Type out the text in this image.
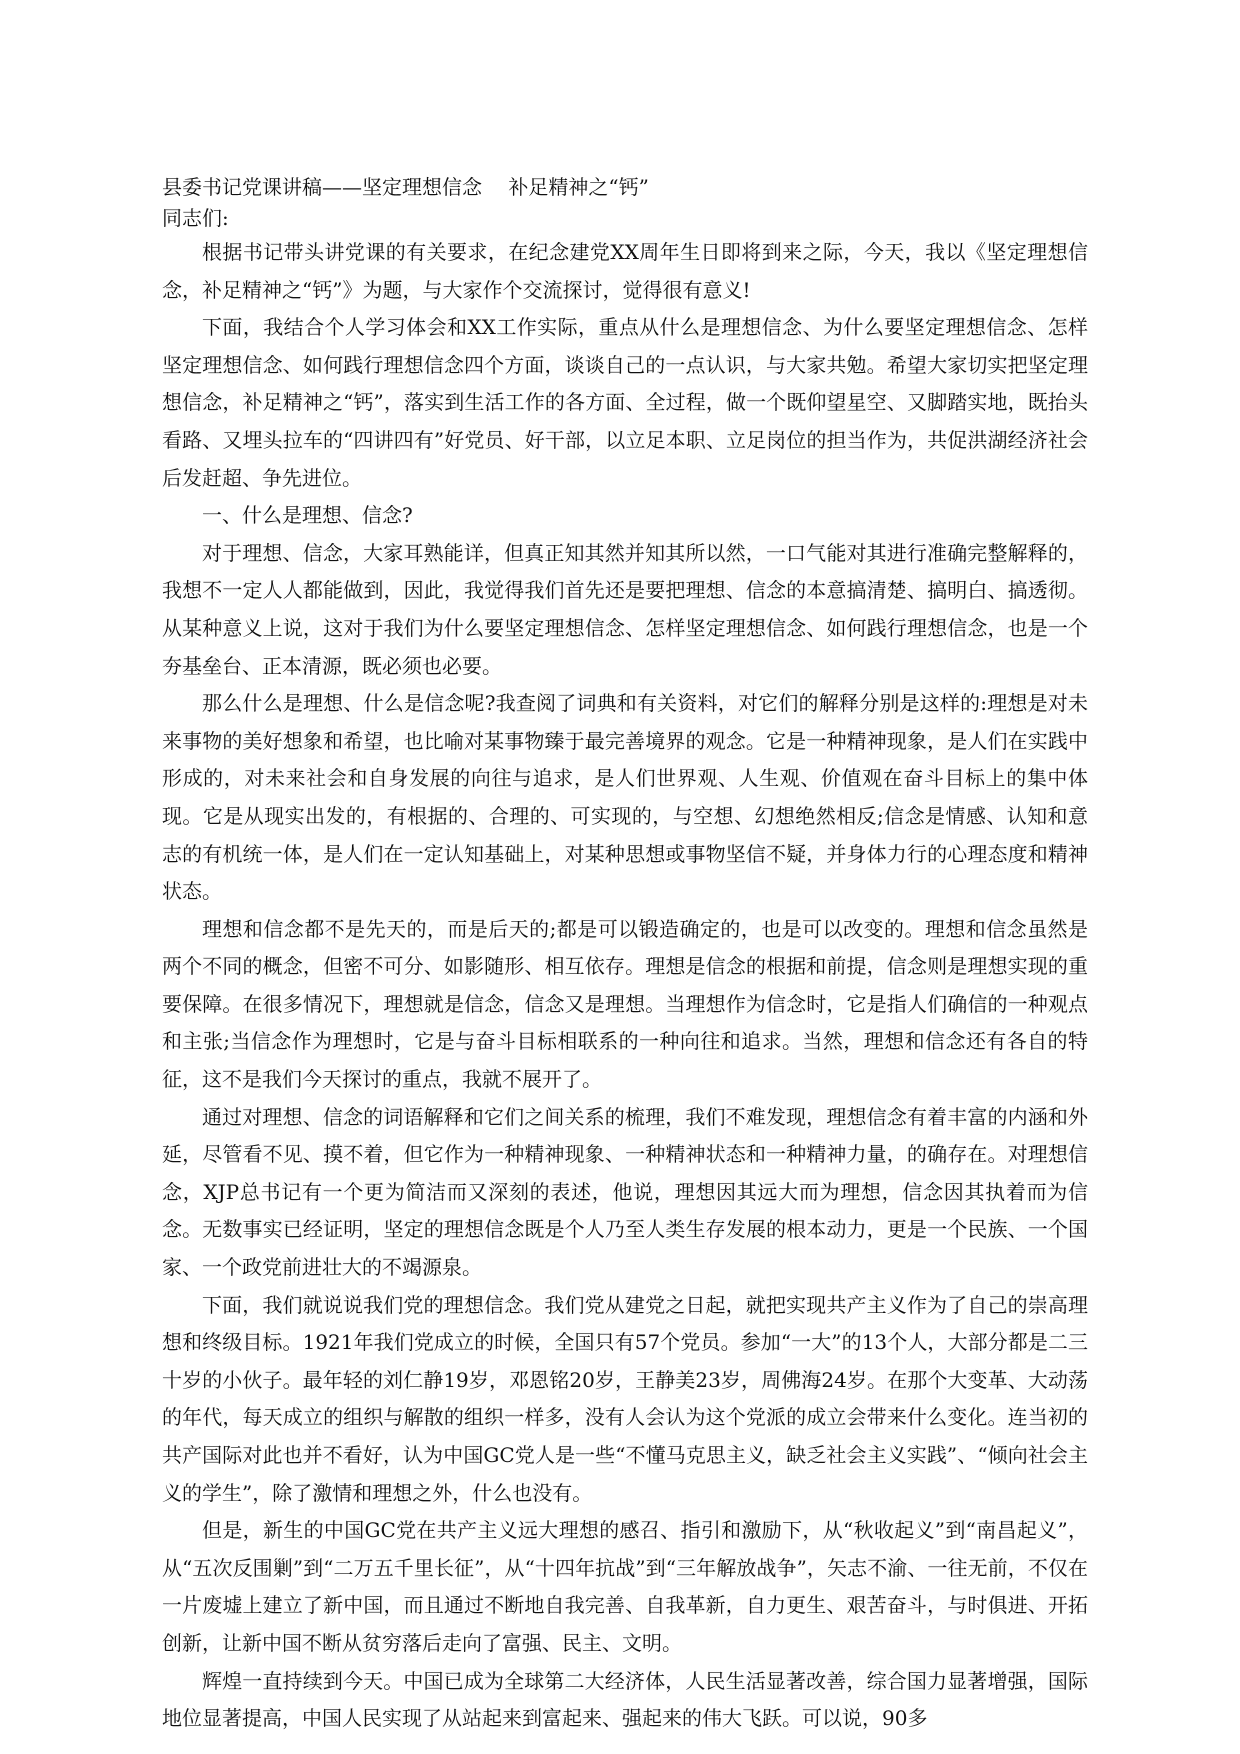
县委书记党课讲稿——坚定理想信念　 补足精神之“钙”

同志们:

根据书记带头讲党课的有关要求，在纪念建党XX周年生日即将到来之际，今天，我以《坚定理想信念，补足精神之“钙”》为题，与大家作个交流探讨，觉得很有意义!

下面，我结合个人学习体会和XX工作实际，重点从什么是理想信念、为什么要坚定理想信念、怎样坚定理想信念、如何践行理想信念四个方面，谈谈自己的一点认识，与大家共勉。希望大家切实把坚定理想信念，补足精神之“钙”，落实到生活工作的各方面、全过程，做一个既仰望星空、又脚踏实地，既抬头看路、又埋头拉车的“四讲四有”好党员、好干部，以立足本职、立足岗位的担当作为，共促洪湖经济社会后发赶超、争先进位。

一、什么是理想、信念?

对于理想、信念，大家耳熟能详，但真正知其然并知其所以然，一口气能对其进行准确完整解释的，我想不一定人人都能做到，因此，我觉得我们首先还是要把理想、信念的本意搞清楚、搞明白、搞透彻。从某种意义上说，这对于我们为什么要坚定理想信念、怎样坚定理想信念、如何践行理想信念，也是一个夯基垒台、正本清源，既必须也必要。

那么什么是理想、什么是信念呢?我查阅了词典和有关资料，对它们的解释分别是这样的:理想是对未来事物的美好想象和希望，也比喻对某事物臻于最完善境界的观念。它是一种精神现象，是人们在实践中形成的，对未来社会和自身发展的向往与追求，是人们世界观、人生观、价值观在奋斗目标上的集中体现。它是从现实出发的，有根据的、合理的、可实现的，与空想、幻想绝然相反;信念是情感、认知和意志的有机统一体，是人们在一定认知基础上，对某种思想或事物坚信不疑，并身体力行的心理态度和精神状态。

理想和信念都不是先天的，而是后天的;都是可以锻造确定的，也是可以改变的。理想和信念虽然是两个不同的概念，但密不可分、如影随形、相互依存。理想是信念的根据和前提，信念则是理想实现的重要保障。在很多情况下，理想就是信念，信念又是理想。当理想作为信念时，它是指人们确信的一种观点和主张;当信念作为理想时，它是与奋斗目标相联系的一种向往和追求。当然，理想和信念还有各自的特征，这不是我们今天探讨的重点，我就不展开了。

通过对理想、信念的词语解释和它们之间关系的梳理，我们不难发现，理想信念有着丰富的内涵和外延，尽管看不见、摸不着，但它作为一种精神现象、一种精神状态和一种精神力量，的确存在。对理想信念，XJP总书记有一个更为简洁而又深刻的表述，他说，理想因其远大而为理想，信念因其执着而为信念。无数事实已经证明，坚定的理想信念既是个人乃至人类生存发展的根本动力，更是一个民族、一个国家、一个政党前进壮大的不竭源泉。

下面，我们就说说我们党的理想信念。我们党从建党之日起，就把实现共产主义作为了自己的崇高理想和终级目标。1921年我们党成立的时候，全国只有57个党员。参加“一大”的13个人，大部分都是二三十岁的小伙子。最年轻的刘仁静19岁，邓恩铭20岁，王静美23岁，周佛海24岁。在那个大变革、大动荡的年代，每天成立的组织与解散的组织一样多，没有人会认为这个党派的成立会带来什么变化。连当初的共产国际对此也并不看好，认为中国GC党人是一些“不懂马克思主义，缺乏社会主义实践”、“倾向社会主义的学生”，除了激情和理想之外，什么也没有。

但是，新生的中国GC党在共产主义远大理想的感召、指引和激励下，从“秋收起义”到“南昌起义”，从“五次反围剿”到“二万五千里长征”，从“十四年抗战”到“三年解放战争”，矢志不渝、一往无前，不仅在一片废墟上建立了新中国，而且通过不断地自我完善、自我革新，自力更生、艰苦奋斗，与时俱进、开拓创新，让新中国不断从贫穷落后走向了富强、民主、文明。

辉煌一直持续到今天。中国已成为全球第二大经济体，人民生活显著改善，综合国力显著增强，国际地位显著提高，中国人民实现了从站起来到富起来、强起来的伟大飞跃。可以说，90多
